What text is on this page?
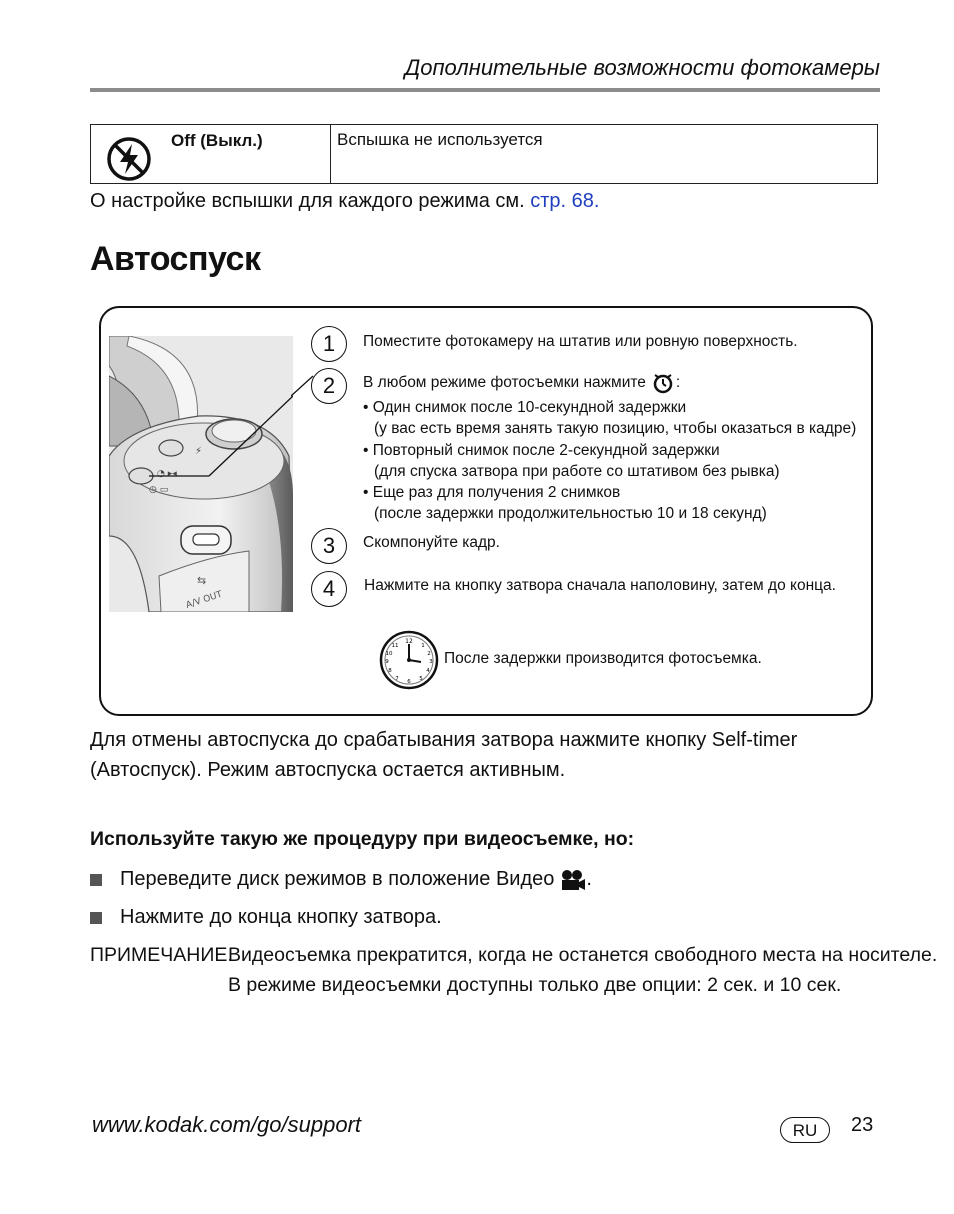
Дополнительные возможности фотокамеры
Off (Выкл.)	Вспышка не используется
О настройке вспышки для каждого режима см. стр. 68.
Автоспуск
⚡
◔ ▸◂
◷ ▭
⇆
A/V OUT
1	Поместите фотокамеру на штатив или ровную поверхность.
2	В любом режиме фотосъемки нажмите :
• Один снимок после 10-секундной задержки
(у вас есть время занять такую позицию, чтобы оказаться в кадре)
• Повторный снимок после 2-секундной задержки
(для спуска затвора при работе со штативом без рывка)
• Еще раз для получения 2 снимков
(после задержки продолжительностью 10 и 18 секунд)
3	Скомпонуйте кадр.
4	Нажмите на кнопку затвора сначала наполовину, затем до конца.
12
1
2
3
4
5
6
7
8
9
10
11
После задержки производится фотосъемка.
Для отмены автоспуска до срабатывания затвора нажмите кнопку Self-timer (Автоспуск). Режим автоспуска остается активным.
Используйте такую же процедуру при видеосъемке, но:
Переведите диск режимов в положение Видео .
Нажмите до конца кнопку затвора.
ПРИМЕЧАНИЕ.
Видеосъемка прекратится, когда не останется свободного места на носителе.
В режиме видеосъемки доступны только две опции: 2 сек. и 10 сек.
www.kodak.com/go/support	RU	23
